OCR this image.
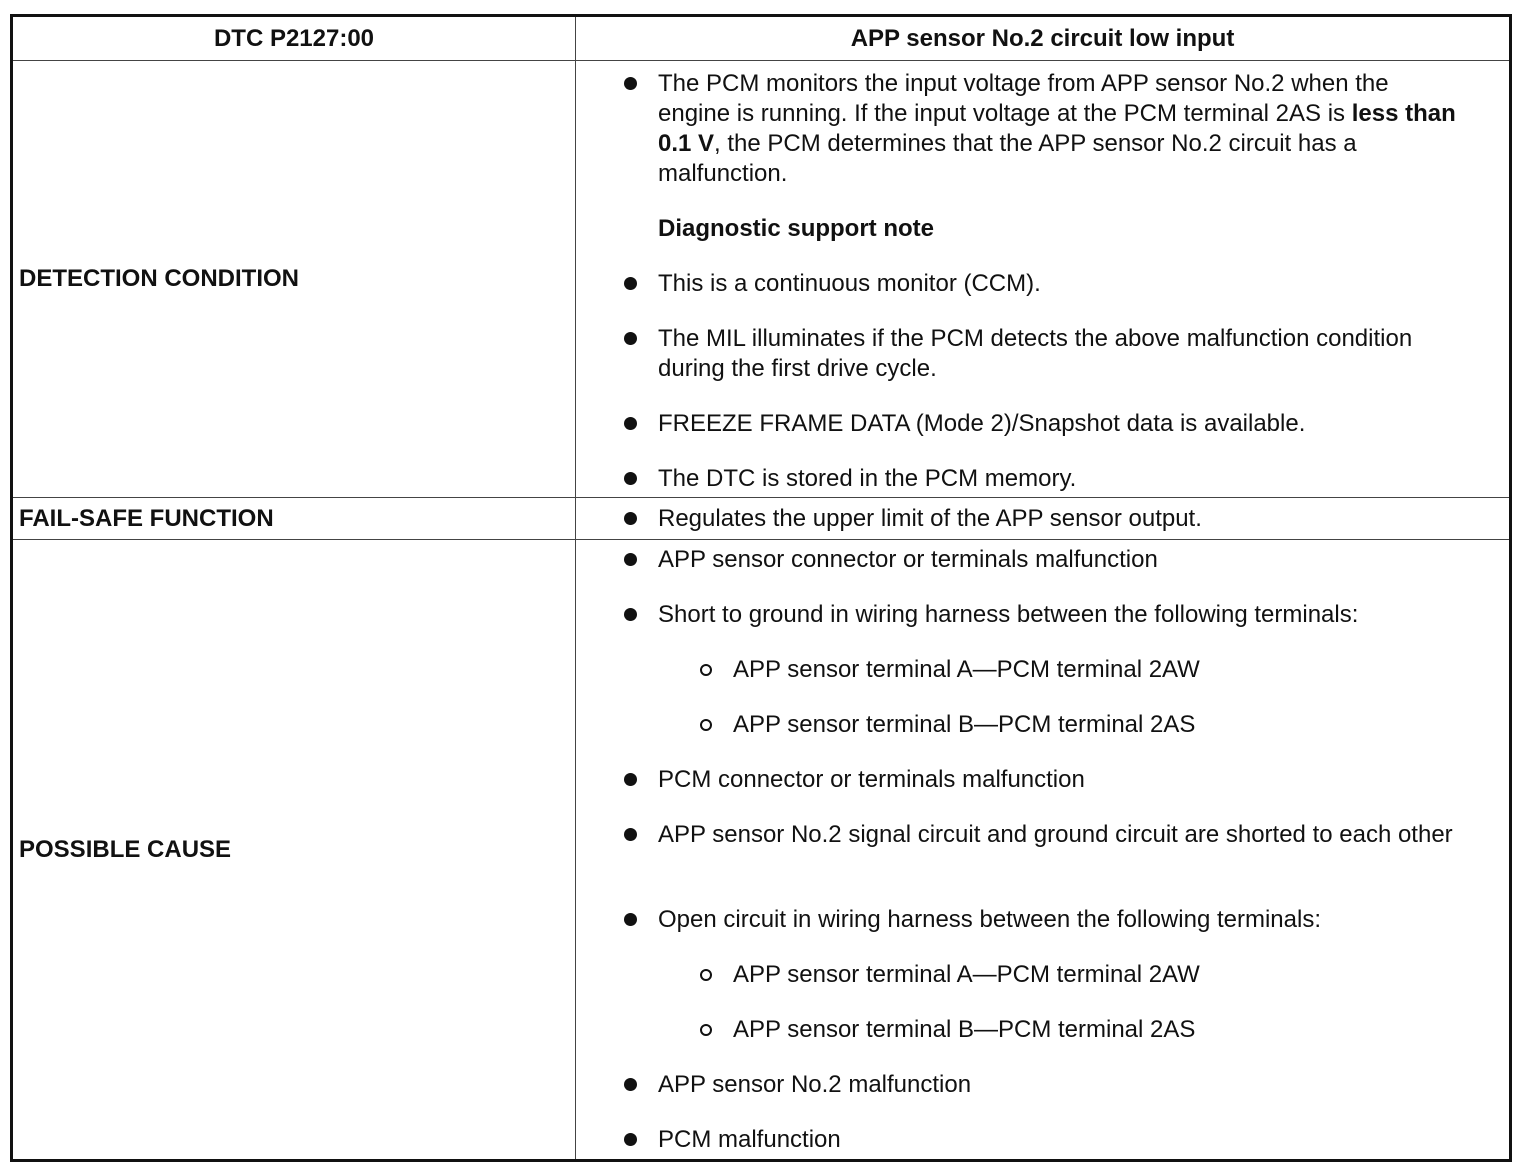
DTC P2127:00	APP sensor No.2 circuit low input
DETECTION CONDITION
The PCM monitors the input voltage from APP sensor No.2 when the engine is running. If the input voltage at the PCM terminal 2AS is less than 0.1 V, the PCM determines that the APP sensor No.2 circuit has a malfunction.
Diagnostic support note
This is a continuous monitor (CCM).
The MIL illuminates if the PCM detects the above malfunction condition during the first drive cycle.
FREEZE FRAME DATA (Mode 2)/Snapshot data is available.
The DTC is stored in the PCM memory.
FAIL-SAFE FUNCTION	Regulates the upper limit of the APP sensor output.
POSSIBLE CAUSE
APP sensor connector or terminals malfunction
Short to ground in wiring harness between the following terminals:
APP sensor terminal A—PCM terminal 2AW
APP sensor terminal B—PCM terminal 2AS
PCM connector or terminals malfunction
APP sensor No.2 signal circuit and ground circuit are shorted to each other
Open circuit in wiring harness between the following terminals:
APP sensor terminal A—PCM terminal 2AW
APP sensor terminal B—PCM terminal 2AS
APP sensor No.2 malfunction
PCM malfunction
